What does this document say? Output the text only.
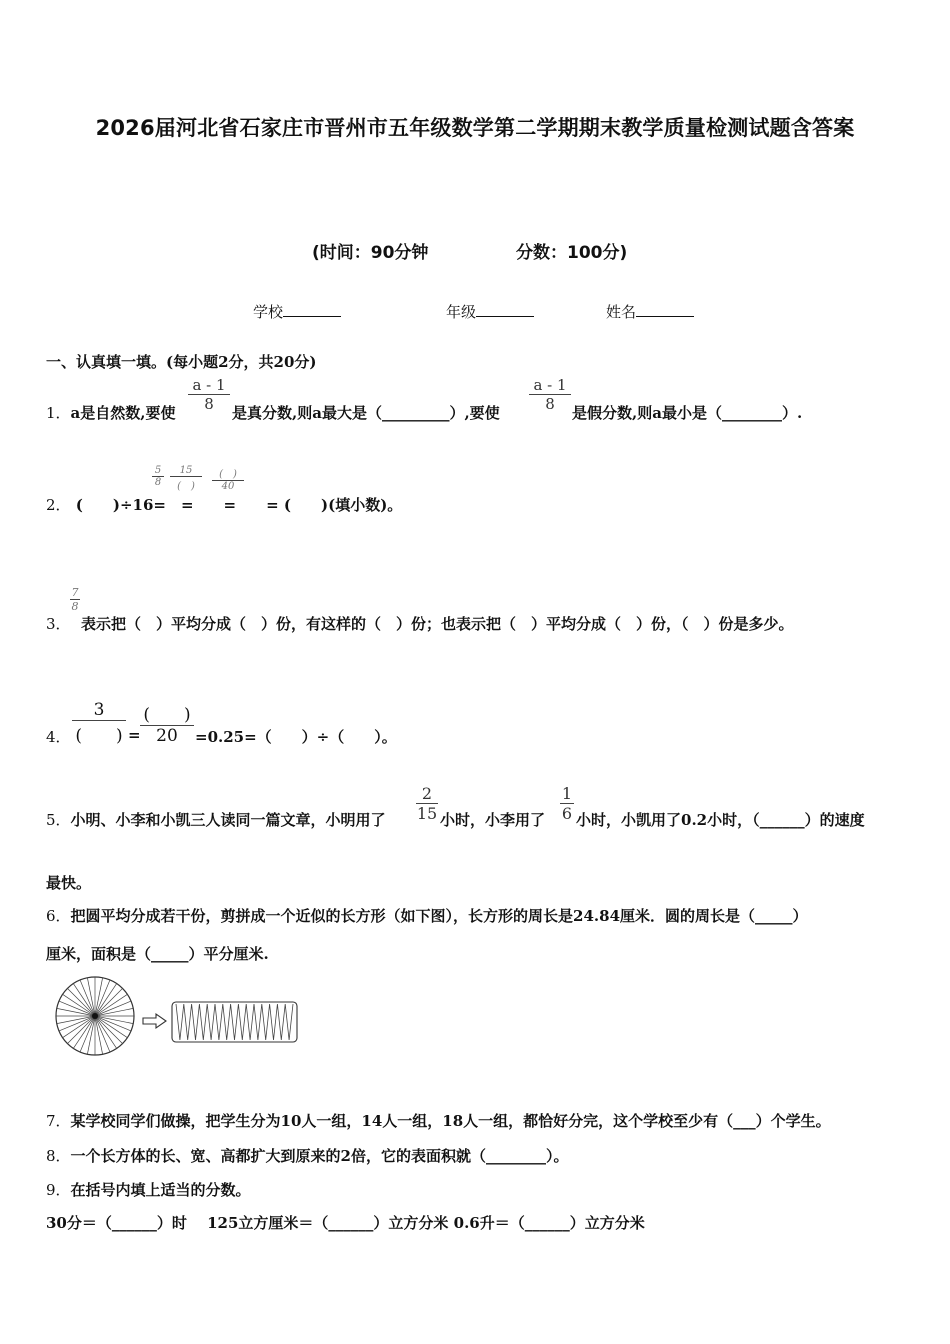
2026届河北省石家庄市晋州市五年级数学第二学期期末教学质量检测试题含答案
(时间：90分钟	分数：100分)
学校	年级	姓名
一、认真填一填。(每小题2分，共20分)
1．a是自然数,要使
a - 1
8	是真分数,则a最大是（_________）,要使
a - 1
8	是假分数,则a最小是（________）.
2． (　　)÷16=　=　　=　　= (　　)(填小数)。
5
8
15
(　)
(　)
40
7
8
3． 表示把（　）平均分成（　）份，有这样的（　）份；也表示把（　）平均分成（　）份，（　）份是多少。
4．
3
(　　) =
(　　)
20	=0.25=（　　）÷（　　）。
5．小明、小李和小凯三人读同一篇文章，小明用了
2
15 小时，小李用了
1
6 小时，小凯用了0.2小时，（______）的速度
最快。
6．把圆平均分成若干份，剪拼成一个近似的长方形（如下图），长方形的周长是24.84厘米．圆的周长是（_____）
厘米，面积是（_____）平分厘米.
7．某学校同学们做操，把学生分为10人一组，14人一组，18人一组，都恰好分完，这个学校至少有（___）个学生。
8．一个长方体的长、宽、高都扩大到原来的2倍，它的表面积就（________）。
9．在括号内填上适当的分数。
30分＝（______）时　 125立方厘米＝（______）立方分米 0.6升＝（______）立方分米
